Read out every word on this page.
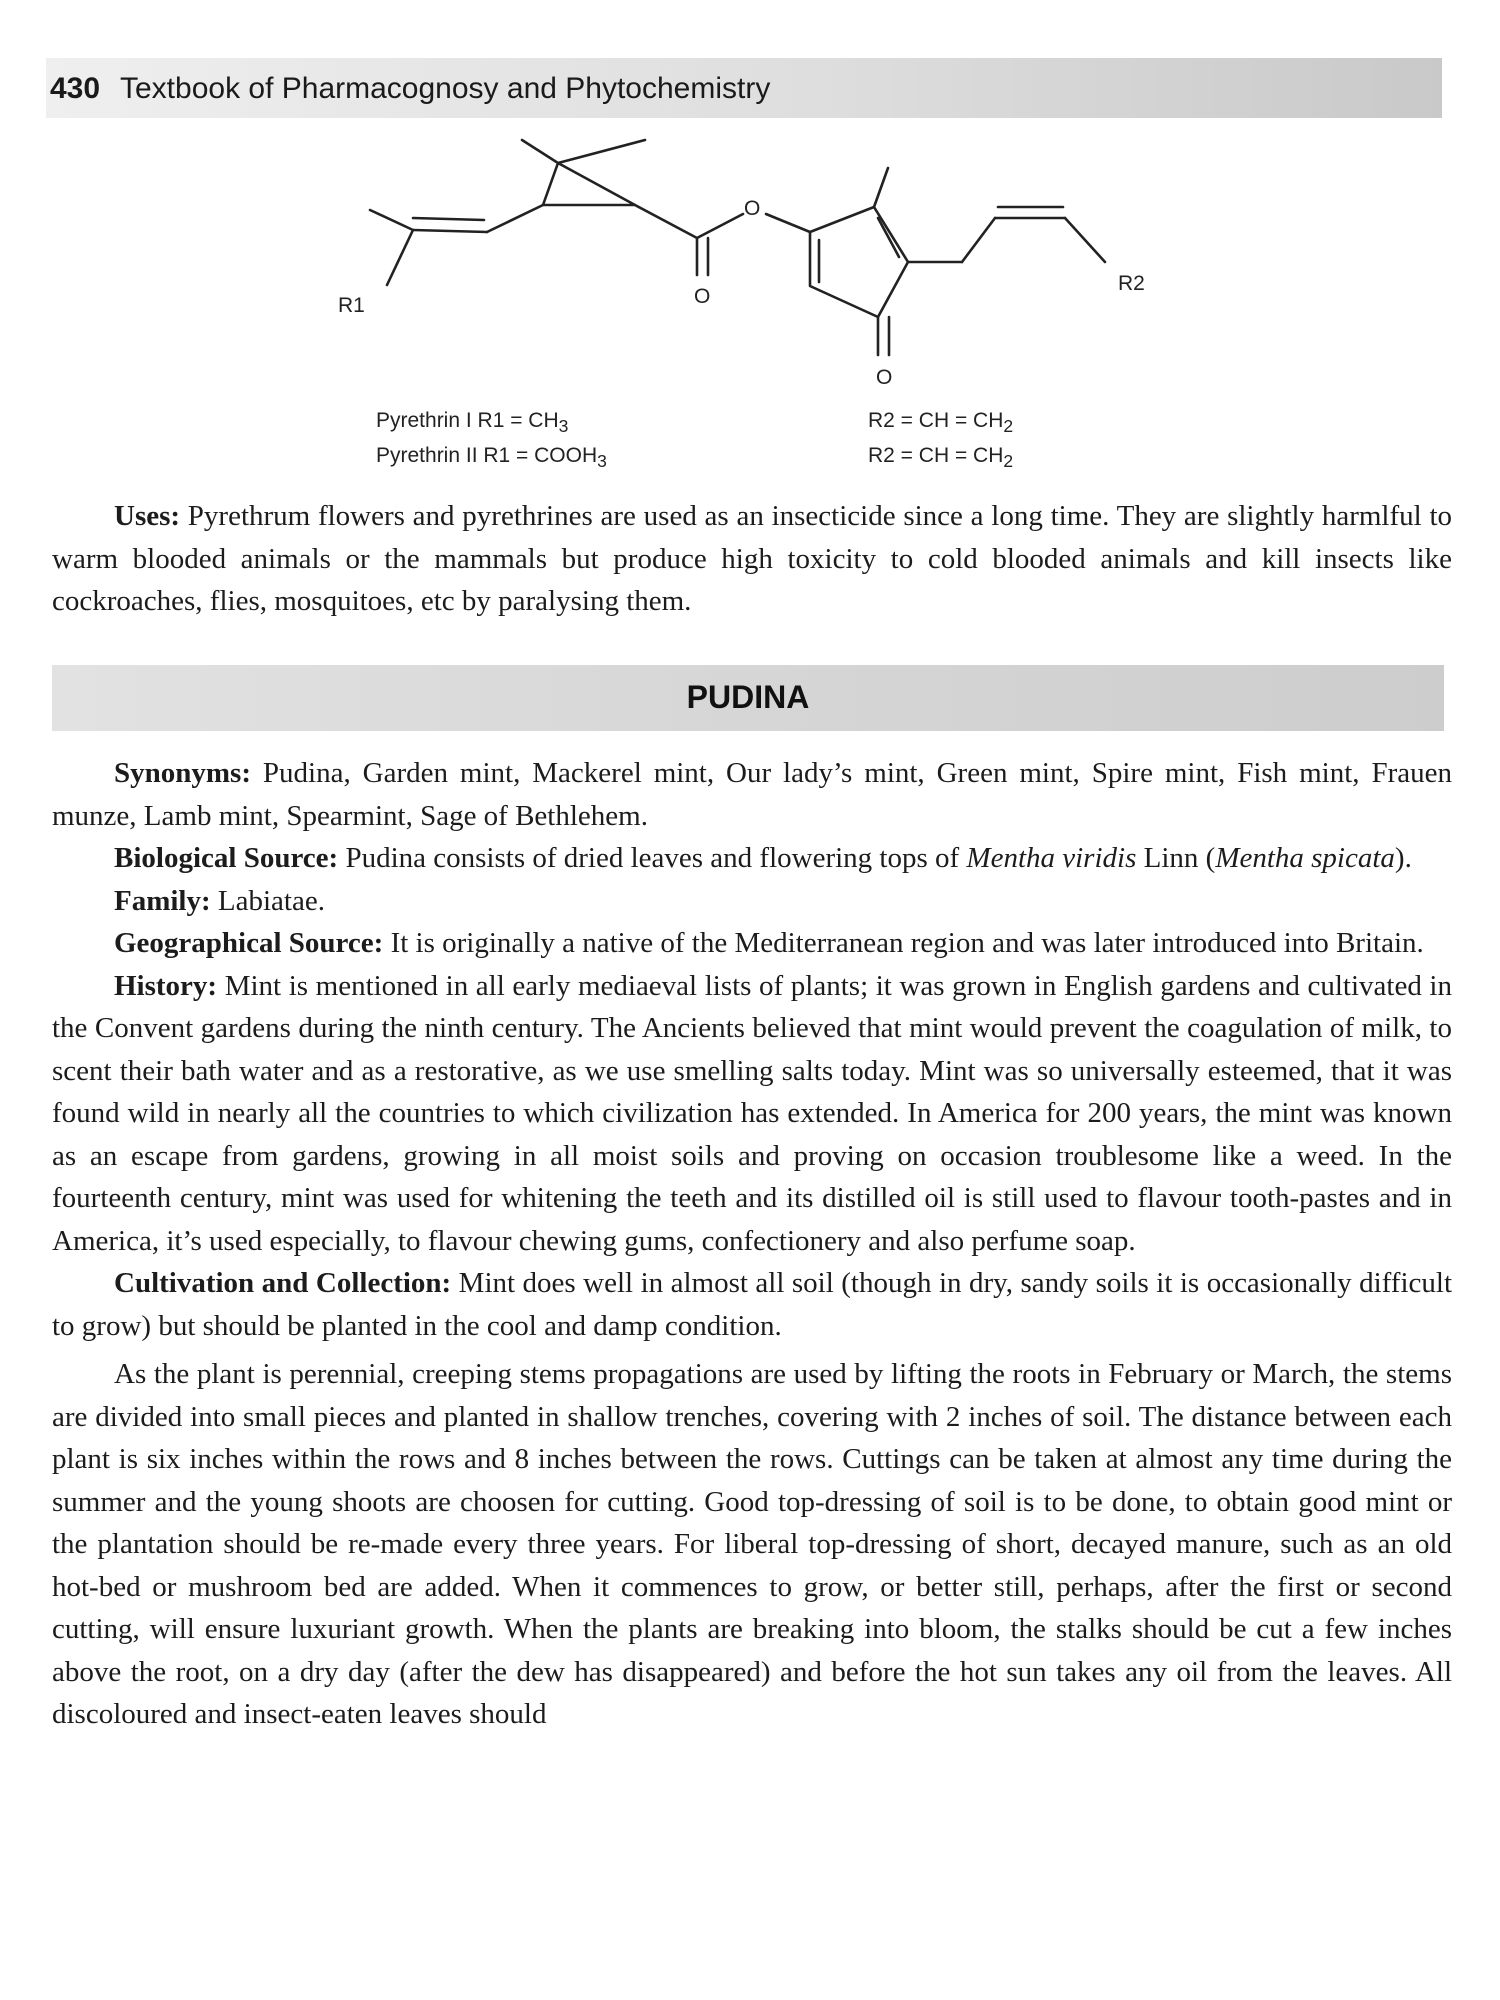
430 Textbook of Pharmacognosy and Phytochemistry
R1
R2
O
O
O
Pyrethrin I $R1 = CH_3$
Pyrethrin II $R1 = COOH_3$
R2 = CH = $CH_2$
R2 = CH = $CH_2$

Uses: Pyrethrum flowers and pyrethrines are used as an insecticide since a long time. They are slightly harmlful to warm blooded animals or the mammals but produce high toxicity to cold blooded animals and kill insects like cockroaches, flies, mosquitoes, etc by paralysing them.

PUDINA

Synonyms: Pudina, Garden mint, Mackerel mint, Our lady’s mint, Green mint, Spire mint, Fish mint, Frauen munze, Lamb mint, Spearmint, Sage of Bethlehem.

Biological Source: Pudina consists of dried leaves and flowering tops of Mentha viridis Linn (Mentha spicata).

Family: Labiatae.

Geographical Source: It is originally a native of the Mediterranean region and was later introduced into Britain.

History: Mint is mentioned in all early mediaeval lists of plants; it was grown in English gardens and cultivated in the Convent gardens during the ninth century. The Ancients believed that mint would prevent the coagulation of milk, to scent their bath water and as a restorative, as we use smelling salts today. Mint was so universally esteemed, that it was found wild in nearly all the countries to which civilization has extended. In America for 200 years, the mint was known as an escape from gardens, growing in all moist soils and proving on occasion troublesome like a weed. In the fourteenth century, mint was used for whitening the teeth and its distilled oil is still used to flavour tooth-pastes and in America, it’s used especially, to flavour chewing gums, confectionery and also perfume soap.

Cultivation and Collection: Mint does well in almost all soil (though in dry, sandy soils it is occasionally difficult to grow) but should be planted in the cool and damp condition.

As the plant is perennial, creeping stems propagations are used by lifting the roots in February or March, the stems are divided into small pieces and planted in shallow trenches, covering with 2 inches of soil. The distance between each plant is six inches within the rows and 8 inches between the rows. Cuttings can be taken at almost any time during the summer and the young shoots are choosen for cutting. Good top-dressing of soil is to be done, to obtain good mint or the plantation should be re-made every three years. For liberal top-dressing of short, decayed manure, such as an old hot-bed or mushroom bed are added. When it commences to grow, or better still, perhaps, after the first or second cutting, will ensure luxuriant growth. When the plants are breaking into bloom, the stalks should be cut a few inches above the root, on a dry day (after the dew has disappeared) and before the hot sun takes any oil from the leaves. All discoloured and insect-eaten leaves should
